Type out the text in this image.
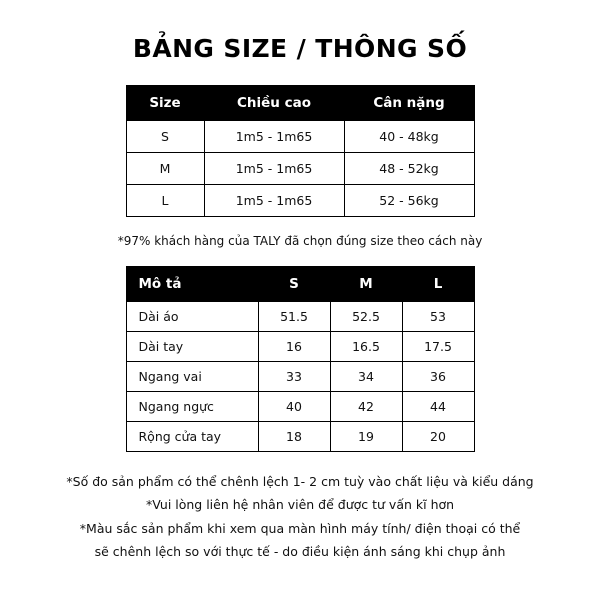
BẢNG SIZE / THÔNG SỐ
Size	Chiều cao	Cân nặng
S	1m5 - 1m65	40 - 48kg
M	1m5 - 1m65	48 - 52kg
L	1m5 - 1m65	52 - 56kg
*97% khách hàng của TALY đã chọn đúng size theo cách này
Mô tả	S	M	L
Dài áo	51.5	52.5	53
Dài tay	16	16.5	17.5
Ngang vai	33	34	36
Ngang ngực	40	42	44
Rộng cửa tay	18	19	20

*Số đo sản phẩm có thể chênh lệch 1- 2 cm tuỳ vào chất liệu và kiểu dáng

*Vui lòng liên hệ nhân viên để được tư vấn kĩ hơn

*Màu sắc sản phẩm khi xem qua màn hình máy tính/ điện thoại có thể

sẽ chênh lệch so với thực tế - do điều kiện ánh sáng khi chụp ảnh
